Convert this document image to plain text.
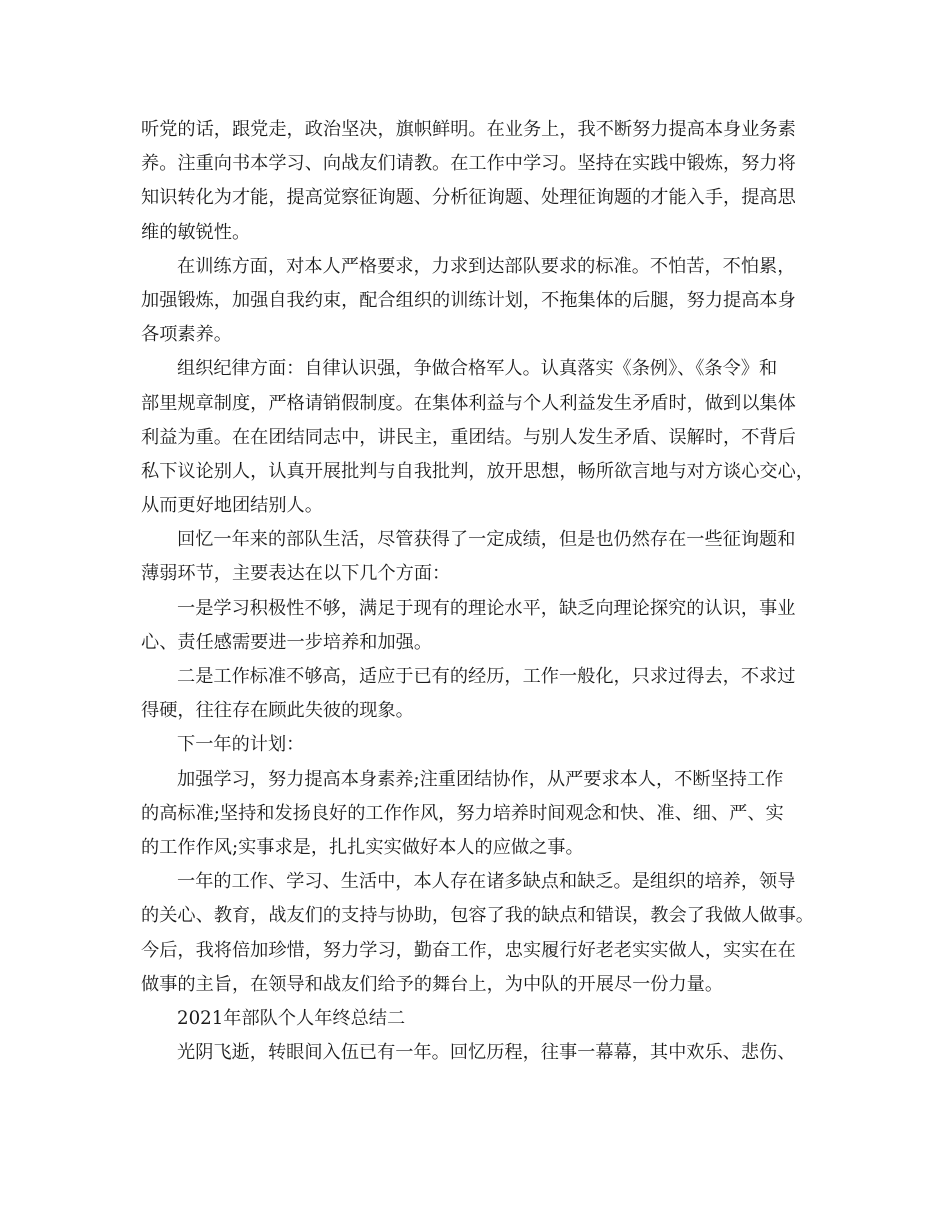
听党的话，跟党走，政治坚决，旗帜鲜明。在业务上，我不断努力提高本身业务素
养。注重向书本学习、向战友们请教。在工作中学习。坚持在实践中锻炼，努力将
知识转化为才能，提高觉察征询题、分析征询题、处理征询题的才能入手，提高思
维的敏锐性。
在训练方面，对本人严格要求，力求到达部队要求的标准。不怕苦，不怕累，
加强锻炼，加强自我约束，配合组织的训练计划，不拖集体的后腿，努力提高本身
各项素养。
组织纪律方面：自律认识强，争做合格军人。认真落实《条例》、《条令》和
部里规章制度，严格请销假制度。在集体利益与个人利益发生矛盾时，做到以集体
利益为重。在在团结同志中，讲民主，重团结。与别人发生矛盾、误解时，不背后
私下议论别人，认真开展批判与自我批判，放开思想，畅所欲言地与对方谈心交心，
从而更好地团结别人。
回忆一年来的部队生活，尽管获得了一定成绩，但是也仍然存在一些征询题和
薄弱环节，主要表达在以下几个方面：
一是学习积极性不够，满足于现有的理论水平，缺乏向理论探究的认识，事业
心、责任感需要进一步培养和加强。
二是工作标准不够高，适应于已有的经历，工作一般化，只求过得去，不求过
得硬，往往存在顾此失彼的现象。
下一年的计划：
加强学习，努力提高本身素养;注重团结协作，从严要求本人，不断坚持工作
的高标准;坚持和发扬良好的工作作风，努力培养时间观念和快、准、细、严、实
的工作作风;实事求是，扎扎实实做好本人的应做之事。
一年的工作、学习、生活中，本人存在诸多缺点和缺乏。是组织的培养，领导
的关心、教育，战友们的支持与协助，包容了我的缺点和错误，教会了我做人做事。
今后，我将倍加珍惜，努力学习，勤奋工作，忠实履行好老老实实做人，实实在在
做事的主旨，在领导和战友们给予的舞台上，为中队的开展尽一份力量。
2021年部队个人年终总结二
光阴飞逝，转眼间入伍已有一年。回忆历程，往事一幕幕，其中欢乐、悲伤、
